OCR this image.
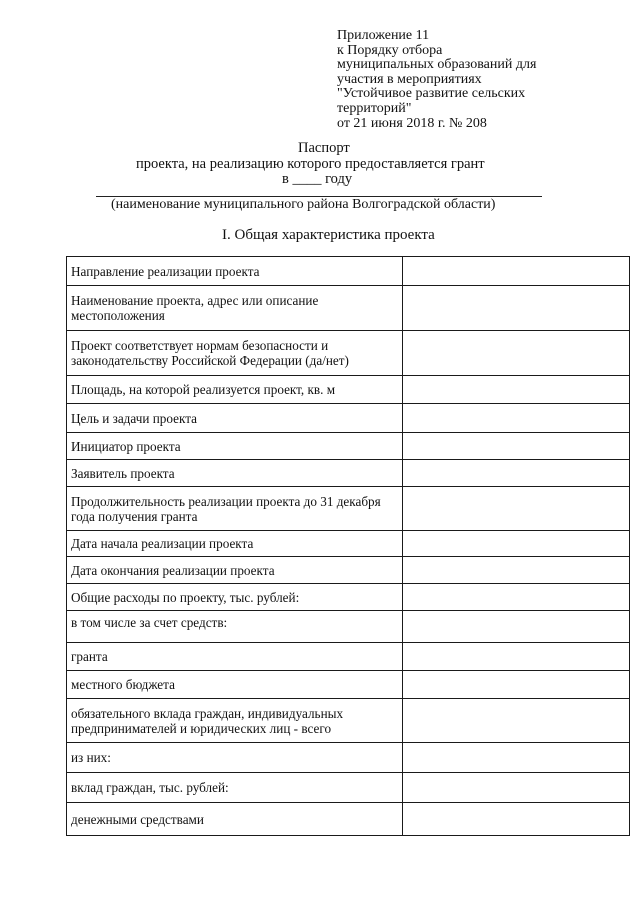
Приложение 11
к Порядку отбора
муниципальных образований для
участия в мероприятиях
"Устойчивое развитие сельских
территорий"
от 21 июня 2018 г. № 208
Паспорт
проекта, на реализацию которого предоставляется грант
в ____ году
(наименование муниципального района Волгоградской области)
I. Общая характеристика проекта
Направление реализации проекта	
Наименование проекта, адрес или описание местоположения	
Проект соответствует нормам безопасности и законодательству Российской Федерации (да/нет)	
Площадь, на которой реализуется проект, кв. м	
Цель и задачи проекта	
Инициатор проекта	
Заявитель проекта	
Продолжительность реализации проекта до 31 декабря года получения гранта	
Дата начала реализации проекта	
Дата окончания реализации проекта	
Общие расходы по проекту, тыс. рублей:	
в том числе за счет средств:	
гранта	
местного бюджета	
обязательного вклада граждан, индивидуальных предпринимателей и юридических лиц - всего	
из них:	
вклад граждан, тыс. рублей:	
денежными средствами	
